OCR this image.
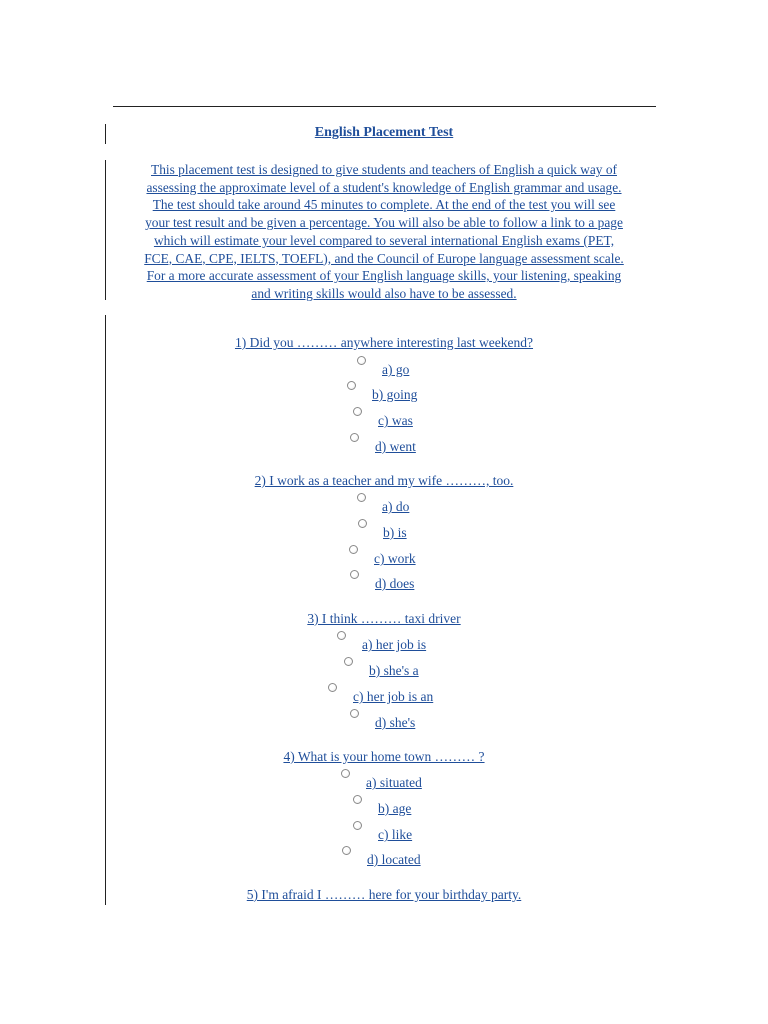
English Placement Test

This placement test is designed to give students and teachers of English a quick way of
assessing the approximate level of a student's knowledge of English grammar and usage.
The test should take around 45 minutes to complete. At the end of the test you will see
your test result and be given a percentage. You will also be able to follow a link to a page
which will estimate your level compared to several international English exams (PET,
FCE, CAE, CPE, IELTS, TOEFL), and the Council of Europe language assessment scale.
For a more accurate assessment of your English language skills, your listening, speaking
and writing skills would also have to be assessed.

1) Did you ……… anywhere interesting last weekend?

a) go
b) going
c) was
d) went

2) I work as a teacher and my wife ………, too.

a) do
b) is
c) work
d) does

3) I think ……… taxi driver

a) her job is
b) she's a
c) her job is an
d) she's

4) What is your home town ……… ?

a) situated
b) age
c) like
d) located

5) I'm afraid I ……… here for your birthday party.
